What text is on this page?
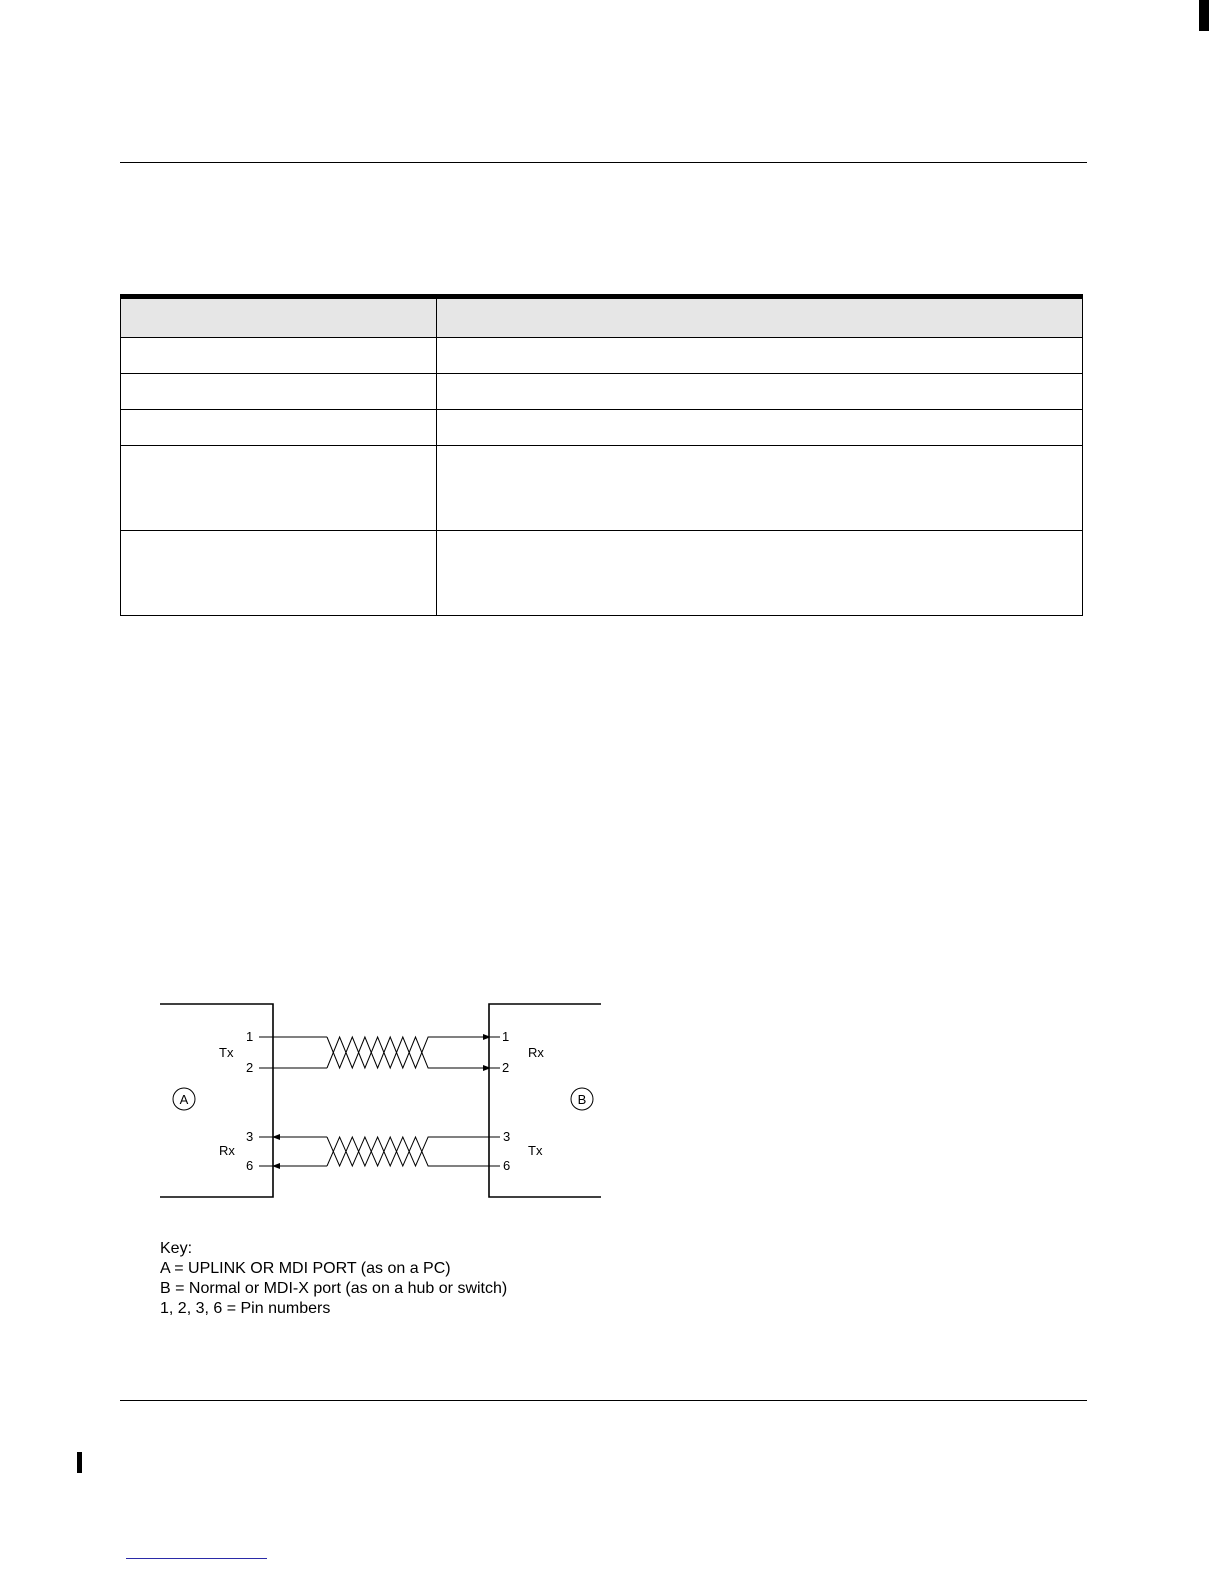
A	B
Tx
Rx
Rx
Tx
1
2
3
6
1
2
3
6
Key:
A = UPLINK OR MDI PORT (as on a PC)
B = Normal or MDI-X port (as on a hub or switch)
1, 2, 3, 6 = Pin numbers
